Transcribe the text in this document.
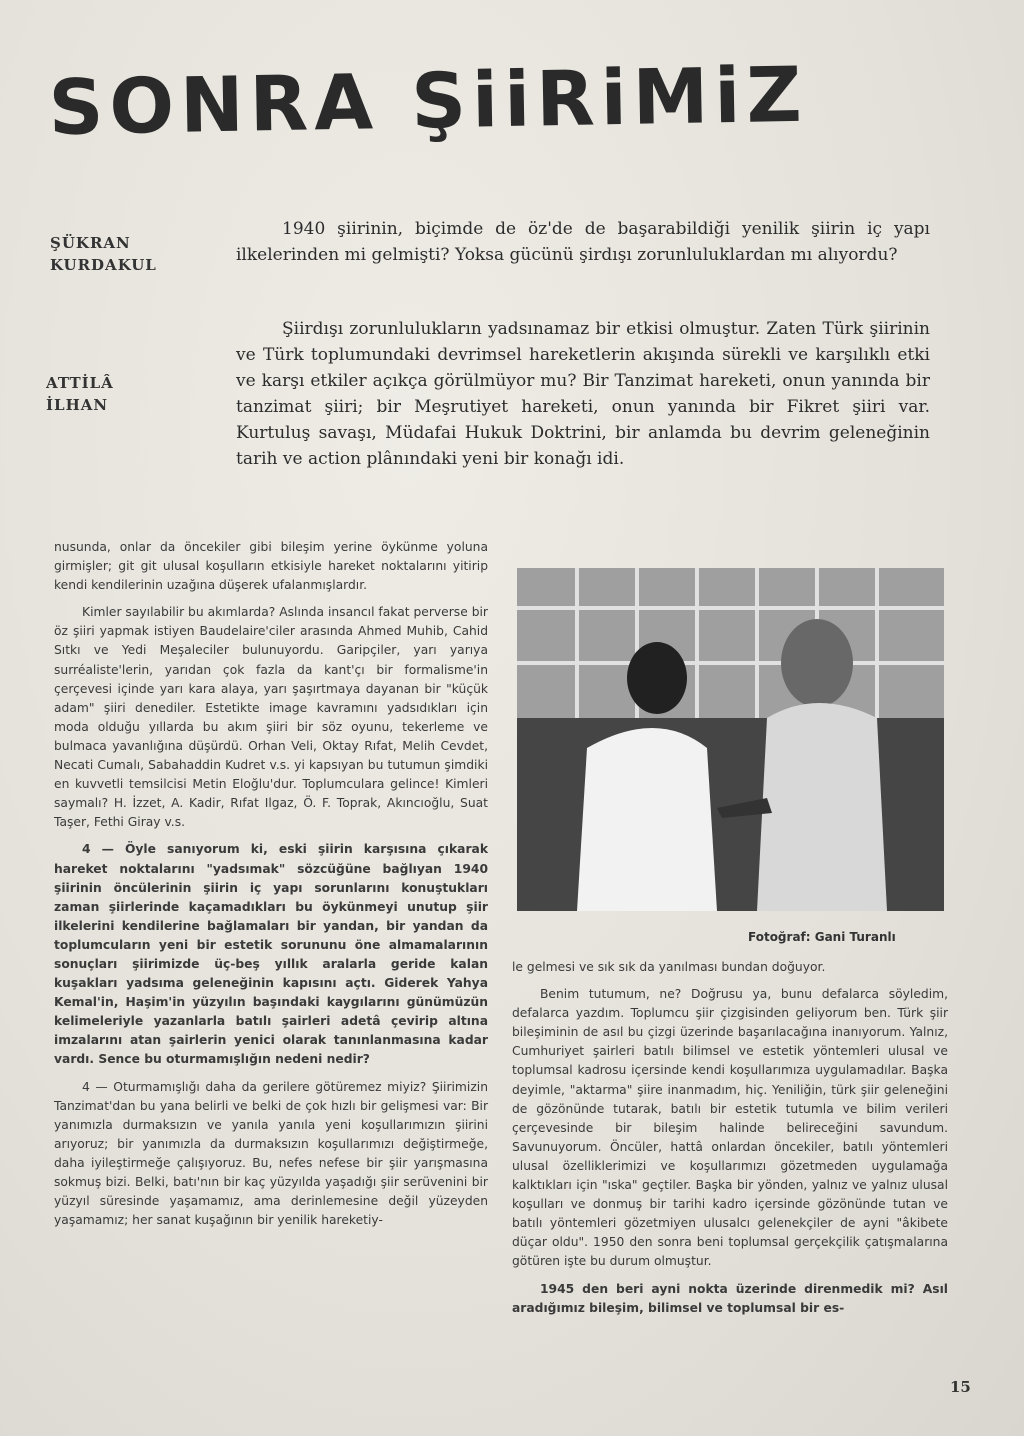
SONRA ŞiiRiMiZ
ŞÜKRAN
KURDAKUL
ATTİLÂ
İLHAN

1940 şiirinin, biçimde de öz'de de başarabildiği yenilik şiirin iç yapı ilkelerinden mi gelmişti? Yoksa gücünü şirdışı zorunluluklardan mı alıyordu?

Şiirdışı zorunlulukların yadsınamaz bir etkisi olmuştur. Zaten Türk şiirinin ve Türk toplumundaki devrimsel hareketlerin akışında sürekli ve karşılıklı etki ve karşı etkiler açıkça görülmüyor mu? Bir Tanzimat hareketi, onun yanında bir tanzimat şiiri; bir Meşrutiyet hareketi, onun yanında bir Fikret şiiri var. Kurtuluş savaşı, Müdafai Hukuk Doktrini, bir anlamda bu devrim geleneğinin tarih ve action plânındaki yeni bir konağı idi.

nusunda, onlar da öncekiler gibi bileşim yerine öykünme yoluna girmişler; git git ulusal koşulların etkisiyle hareket noktalarını yitirip kendi kendilerinin uzağına düşerek ufalanmışlardır.

Kimler sayılabilir bu akımlarda? Aslında insancıl fakat perverse bir öz şiiri yapmak istiyen Baudelaire'ciler arasında Ahmed Muhib, Cahid Sıtkı ve Yedi Meşaleciler bulunuyordu. Garipçiler, yarı yarıya surréaliste'lerin, yarıdan çok fazla da kant'çı bir formalisme'in çerçevesi içinde yarı kara alaya, yarı şaşırtmaya dayanan bir "küçük adam" şiiri denediler. Estetikte image kavramını yadsıdıkları için moda olduğu yıllarda bu akım şiiri bir söz oyunu, tekerleme ve bulmaca yavanlığına düşürdü. Orhan Veli, Oktay Rıfat, Melih Cevdet, Necati Cumalı, Sabahaddin Kudret v.s. yi kapsıyan bu tutumun şimdiki en kuvvetli temsilcisi Metin Eloğlu'dur. Toplumculara gelince! Kimleri saymalı? H. İzzet, A. Kadir, Rıfat Ilgaz, Ö. F. Toprak, Akıncıoğlu, Suat Taşer, Fethi Giray v.s.

4 — Öyle sanıyorum ki, eski şiirin karşısına çıkarak hareket noktalarını "yadsımak" sözcüğüne bağlıyan 1940 şiirinin öncülerinin şiirin iç yapı sorunlarını konuştukları zaman şiirlerinde kaçamadıkları bu öykünmeyi unutup şiir ilkelerini kendilerine bağlamaları bir yandan, bir yandan da toplumcuların yeni bir estetik sorununu öne almamalarının sonuçları şiirimizde üç-beş yıllık aralarla geride kalan kuşakları yadsıma geleneğinin kapısını açtı. Giderek Yahya Kemal'in, Haşim'in yüzyılın başındaki kaygılarını günümüzün kelimeleriyle yazanlarla batılı şairleri adetâ çevirip altına imzalarını atan şairlerin yenici olarak tanınlanmasına kadar vardı. Sence bu oturmamışlığın nedeni nedir?

4 — Oturmamışlığı daha da gerilere götüremez miyiz? Şiirimizin Tanzimat'dan bu yana belirli ve belki de çok hızlı bir gelişmesi var: Bir yanımızla durmaksızın ve yanıla yanıla yeni koşullarımızın şiirini arıyoruz; bir yanımızla da durmaksızın koşullarımızı değiştirmeğe, daha iyileştirmeğe çalışıyoruz. Bu, nefes nefese bir şiir yarışmasına sokmuş bizi. Belki, batı'nın bir kaç yüzyılda yaşadığı şiir serüvenini bir yüzyıl süresinde yaşamamız, ama derinlemesine değil yüzeyden yaşamamız; her sanat kuşağının bir yenilik hareketiy-

Fotoğraf: Gani Turanlı

le gelmesi ve sık sık da yanılması bundan doğuyor.

Benim tutumum, ne? Doğrusu ya, bunu defalarca söyledim, defalarca yazdım. Toplumcu şiir çizgisinden geliyorum ben. Türk şiir bileşiminin de asıl bu çizgi üzerinde başarılacağına inanıyorum. Yalnız, Cumhuriyet şairleri batılı bilimsel ve estetik yöntemleri ulusal ve toplumsal kadrosu içersinde kendi koşullarımıza uygulamadılar. Başka deyimle, "aktarma" şiire inanmadım, hiç. Yeniliğin, türk şiir geleneğini de gözönünde tutarak, batılı bir estetik tutumla ve bilim verileri çerçevesinde bir bileşim halinde belireceğini savundum. Savunuyorum. Öncüler, hattâ onlardan öncekiler, batılı yöntemleri ulusal özelliklerimizi ve koşullarımızı gözetmeden uygulamağa kalktıkları için "ıska" geçtiler. Başka bir yönden, yalnız ve yalnız ulusal koşulları ve donmuş bir tarihi kadro içersinde gözönünde tutan ve batılı yöntemleri gözetmiyen ulusalcı gelenekçiler de ayni "âkibete düçar oldu". 1950 den sonra beni toplumsal gerçekçilik çatışmalarına götüren işte bu durum olmuştur.

1945 den beri ayni nokta üzerinde direnmedik mi? Asıl aradığımız bileşim, bilimsel ve toplumsal bir es-

15
